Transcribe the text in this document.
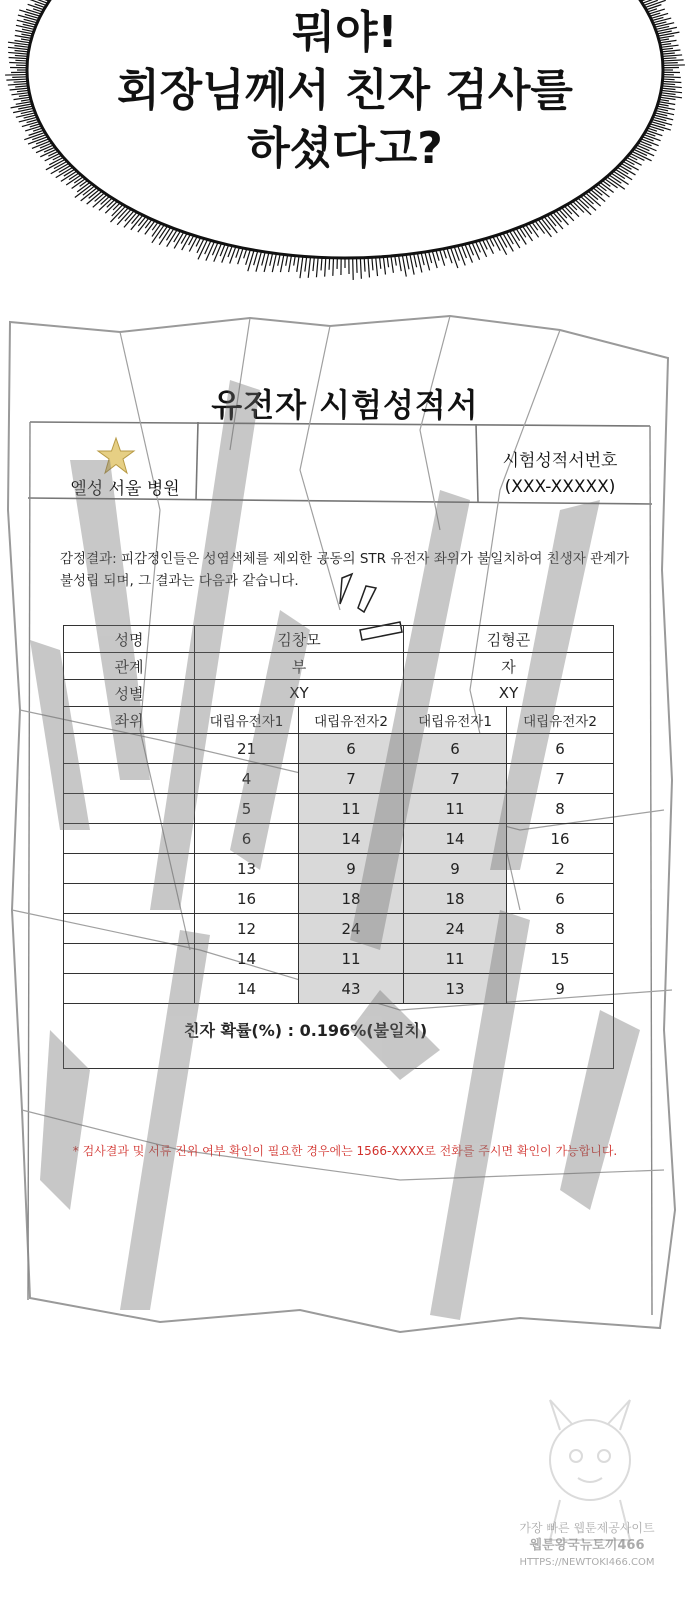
뭐야!
회장님께서 친자 검사를
하셨다고?
유전자 시험성적서
엘성 서울 병원
시험성적서번호
(XXX-XXXXX)
감정결과: 피감정인들은 성염색체를 제외한 공동의 STR 유전자 좌위가 불일치하여 친생자 관계가
불성립 되며, 그 결과는 다음과 같습니다.
성명	김창모		김형곤	
관계	부		자	
성별	XY		XY	
좌위	대립유전자1	대립유전자2	대립유전자1	대립유전자2
	21	6	6	6
	4	7	7	7
	5	11	11	8
	6	14	14	16
	13	9	9	2
	16	18	18	6
	12	24	24	8
	14	11	11	15
	14	43	13	9
친자 확률(%) : 0.196%(불일치)				
* 검사결과 및 서류 진위 여부 확인이 필요한 경우에는 1566-XXXX로 전화를 주시면 확인이 가능합니다.
가장 빠른 웹툰제공사이트
웹툰왕국뉴토끼466
HTTPS://NEWTOKI466.COM
